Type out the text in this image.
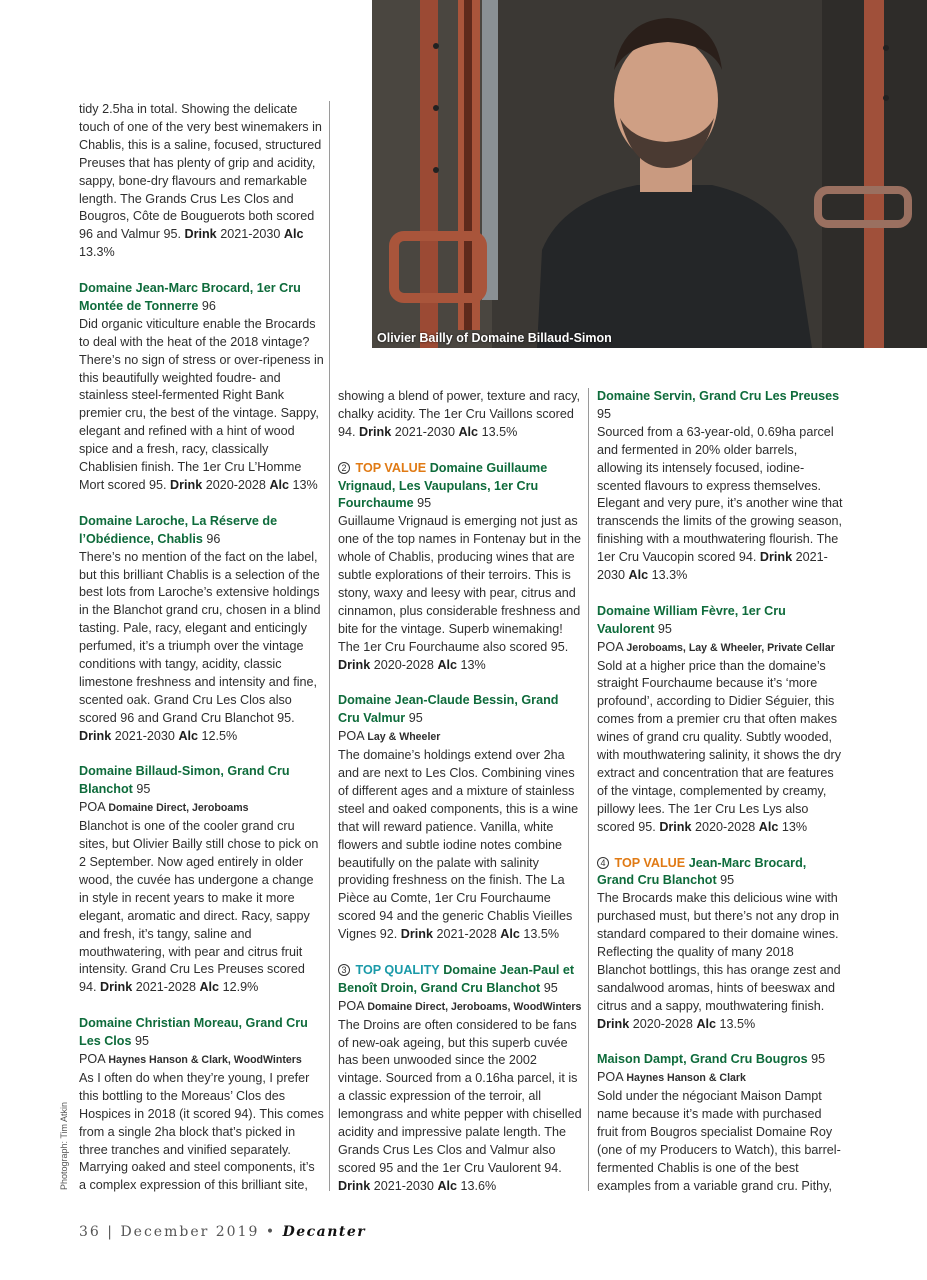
Olivier Bailly of Domaine Billaud-Simon

tidy 2.5ha in total. Showing the delicate touch of one of the very best winemakers in Chablis, this is a saline, focused, structured Preuses that has plenty of grip and acidity, sappy, bone-dry flavours and remarkable length. The Grands Crus Les Clos and Bougros, Côte de Bouguerots both scored 96 and Valmur 95. Drink 2021-2030 Alc 13.3%

Domaine Jean-Marc Brocard, 1er Cru Montée de Tonnerre 96

Did organic viticulture enable the Brocards to deal with the heat of the 2018 vintage? There’s no sign of stress or over-ripeness in this beautifully weighted foudre- and stainless steel-fermented Right Bank premier cru, the best of the vintage. Sappy, elegant and refined with a hint of wood spice and a fresh, racy, classically Chablisien finish. The 1er Cru L’Homme Mort scored 95. Drink 2020-2028 Alc 13%

Domaine Laroche, La Réserve de l’Obédience, Chablis 96

There’s no mention of the fact on the label, but this brilliant Chablis is a selection of the best lots from Laroche’s extensive holdings in the Blanchot grand cru, chosen in a blind tasting. Pale, racy, elegant and enticingly perfumed, it’s a triumph over the vintage conditions with tangy, acidity, classic limestone freshness and intensity and fine, scented oak. Grand Cru Les Clos also scored 96 and Grand Cru Blanchot 95. Drink 2021-2030 Alc 12.5%

Domaine Billaud-Simon, Grand Cru Blanchot 95

POA Domaine Direct, Jeroboams

Blanchot is one of the cooler grand cru sites, but Olivier Bailly still chose to pick on 2 September. Now aged entirely in older wood, the cuvée has undergone a change in style in recent years to make it more elegant, aromatic and direct. Racy, sappy and fresh, it’s tangy, saline and mouthwatering, with pear and citrus fruit intensity. Grand Cru Les Preuses scored 94. Drink 2021-2028 Alc 12.9%

Domaine Christian Moreau, Grand Cru Les Clos 95

POA Haynes Hanson & Clark, WoodWinters

As I often do when they’re young, I prefer this bottling to the Moreaus’ Clos des Hospices in 2018 (it scored 94). This comes from a single 2ha block that’s picked in three tranches and vinified separately. Marrying oaked and steel components, it’s a complex expression of this brilliant site,

showing a blend of power, texture and racy, chalky acidity. The 1er Cru Vaillons scored 94. Drink 2021-2030 Alc 13.5%

2 TOP VALUE Domaine Guillaume Vrignaud, Les Vaupulans, 1er Cru Fourchaume 95

Guillaume Vrignaud is emerging not just as one of the top names in Fontenay but in the whole of Chablis, producing wines that are subtle explorations of their terroirs. This is stony, waxy and leesy with pear, citrus and cinnamon, plus considerable freshness and bite for the vintage. Superb winemaking! The 1er Cru Fourchaume also scored 95. Drink 2020-2028 Alc 13%

Domaine Jean-Claude Bessin, Grand Cru Valmur 95

POA Lay & Wheeler

The domaine’s holdings extend over 2ha and are next to Les Clos. Combining vines of different ages and a mixture of stainless steel and oaked components, this is a wine that will reward patience. Vanilla, white flowers and subtle iodine notes combine beautifully on the palate with salinity providing freshness on the finish. The La Pièce au Comte, 1er Cru Fourchaume scored 94 and the generic Chablis Vieilles Vignes 92. Drink 2021-2028 Alc 13.5%

3 TOP QUALITY Domaine Jean-Paul et Benoît Droin, Grand Cru Blanchot 95

POA Domaine Direct, Jeroboams, WoodWinters

The Droins are often considered to be fans of new-oak ageing, but this superb cuvée has been unwooded since the 2002 vintage. Sourced from a 0.16ha parcel, it is a classic expression of the terroir, all lemongrass and white pepper with chiselled acidity and impressive palate length. The Grands Crus Les Clos and Valmur also scored 95 and the 1er Cru Vaulorent 94. Drink 2021-2030 Alc 13.6%

Domaine Servin, Grand Cru Les Preuses 95

Sourced from a 63-year-old, 0.69ha parcel and fermented in 20% older barrels, allowing its intensely focused, iodine-scented flavours to express themselves. Elegant and very pure, it’s another wine that transcends the limits of the growing season, finishing with a mouthwatering flourish. The 1er Cru Vaucopin scored 94. Drink 2021-2030 Alc 13.3%

Domaine William Fèvre, 1er Cru Vaulorent 95

POA Jeroboams, Lay & Wheeler, Private Cellar

Sold at a higher price than the domaine’s straight Fourchaume because it’s ‘more profound’, according to Didier Séguier, this comes from a premier cru that often makes wines of grand cru quality. Subtly wooded, with mouthwatering salinity, it shows the dry extract and concentration that are features of the vintage, complemented by creamy, pillowy lees. The 1er Cru Les Lys also scored 95. Drink 2020-2028 Alc 13%

4 TOP VALUE Jean-Marc Brocard, Grand Cru Blanchot 95

The Brocards make this delicious wine with purchased must, but there’s not any drop in standard compared to their domaine wines. Reflecting the quality of many 2018 Blanchot bottlings, this has orange zest and sandalwood aromas, hints of beeswax and citrus and a sappy, mouthwatering finish. Drink 2020-2028 Alc 13.5%

Maison Dampt, Grand Cru Bougros 95

POA Haynes Hanson & Clark

Sold under the négociant Maison Dampt name because it’s made with purchased fruit from Bougros specialist Domaine Roy (one of my Producers to Watch), this barrel-fermented Chablis is one of the best examples from a variable grand cru. Pithy,

Photograph: Tim Atkin
36 | December 2019 • Decanter
